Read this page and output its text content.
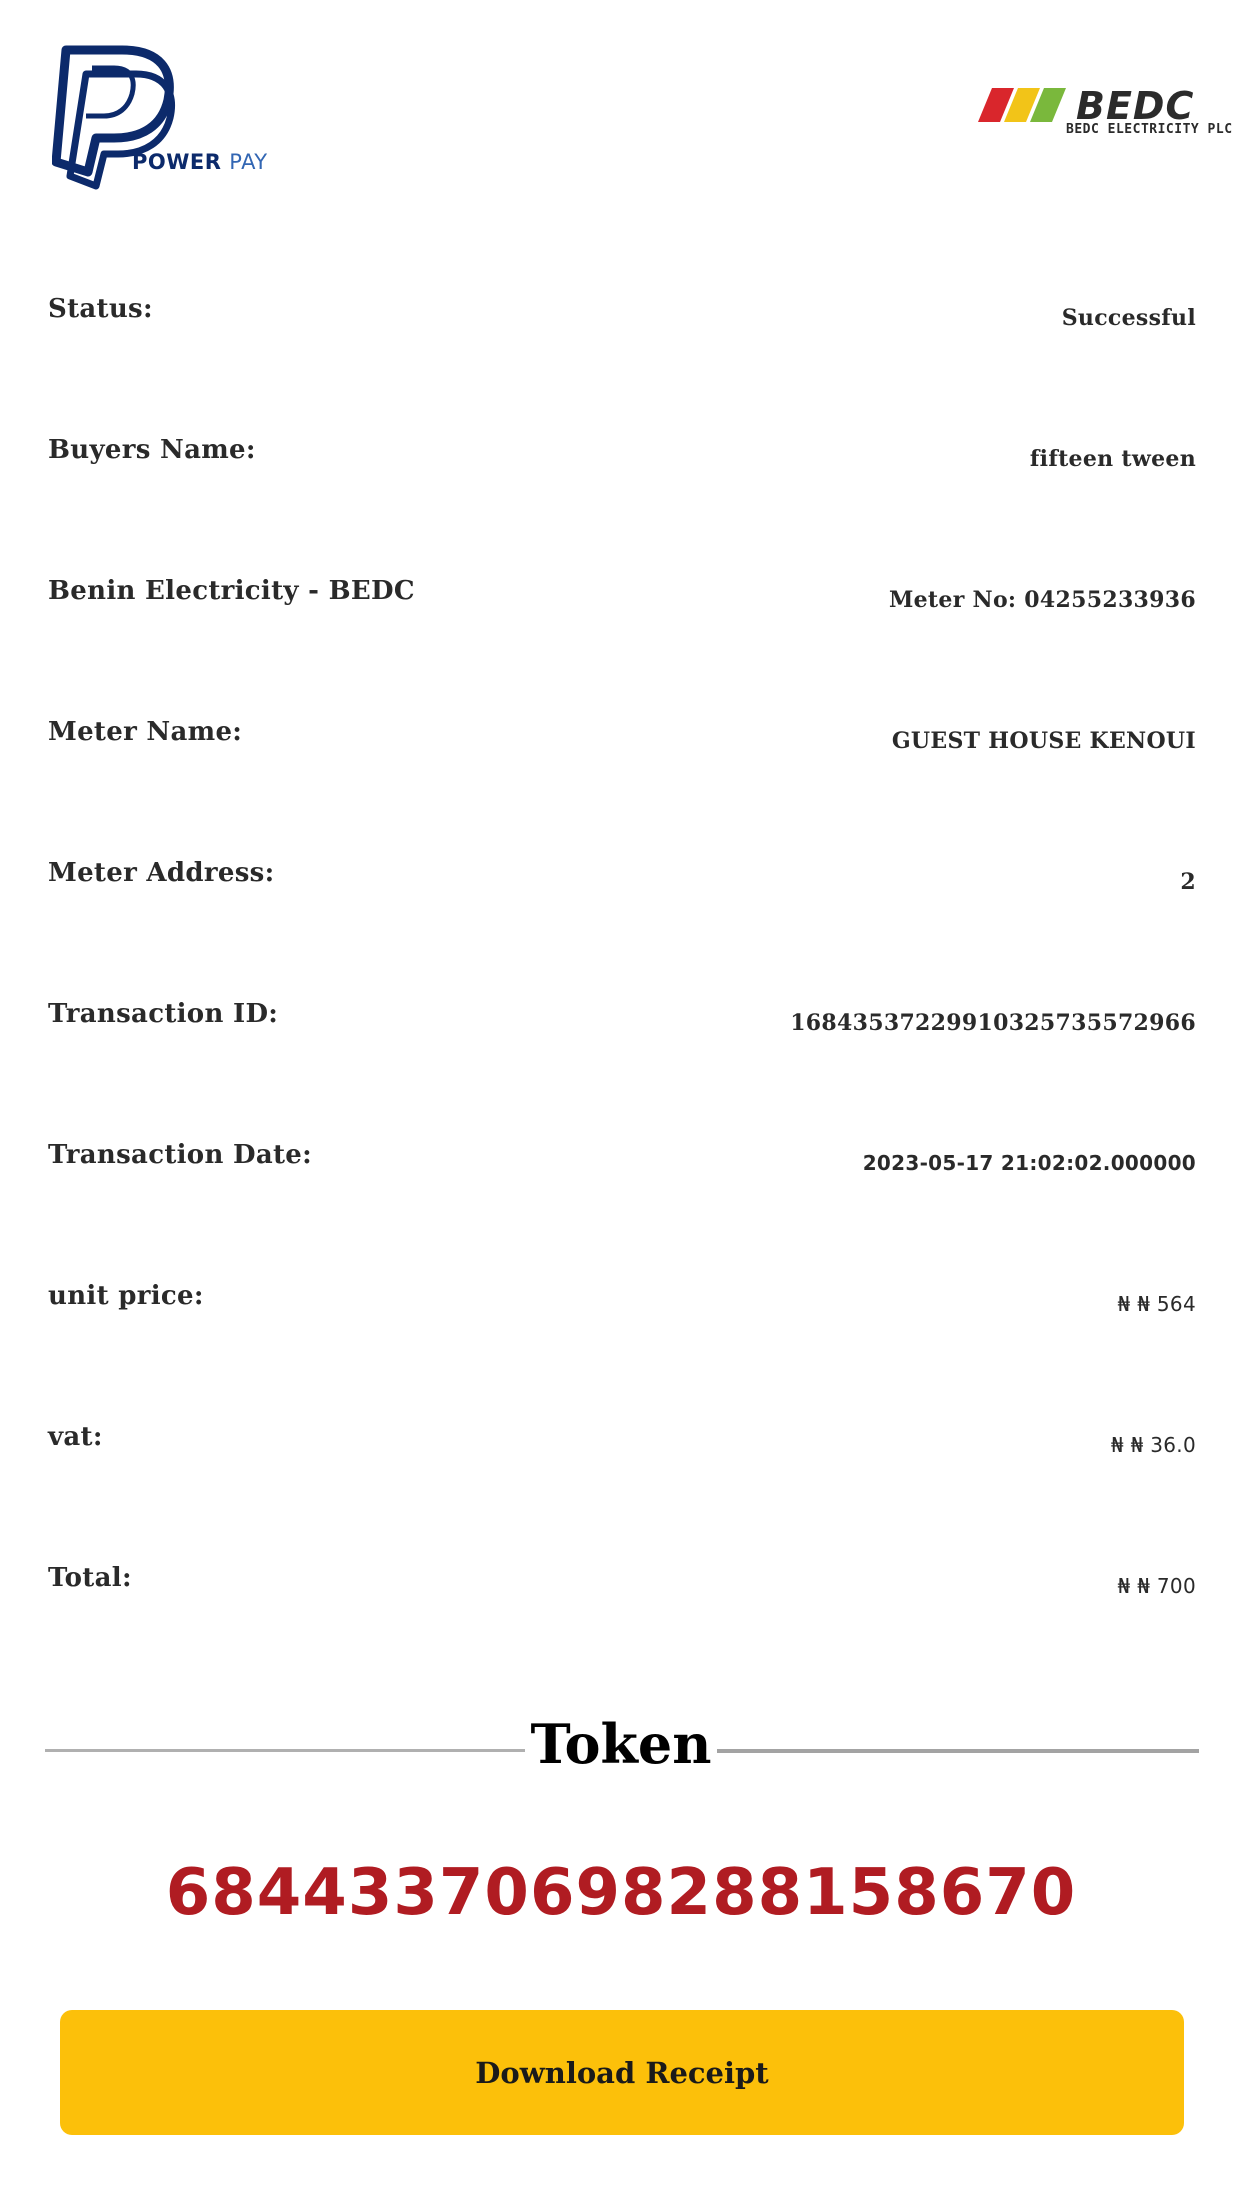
POWER PAY
BEDC
BEDC ELECTRICITY PLC
Status:	Successful
Buyers Name:	fifteen tween
Benin Electricity - BEDC	Meter No: 04255233936
Meter Name:	GUEST HOUSE KENOUI
Meter Address:	2
Transaction ID:	16843537229910325735572966
Transaction Date:	2023-05-17 21:02:02.000000
unit price:	₦ ₦ 564
vat:	₦ ₦ 36.0
Total:	₦ ₦ 700
Token
68443370698288158670
Download Receipt
